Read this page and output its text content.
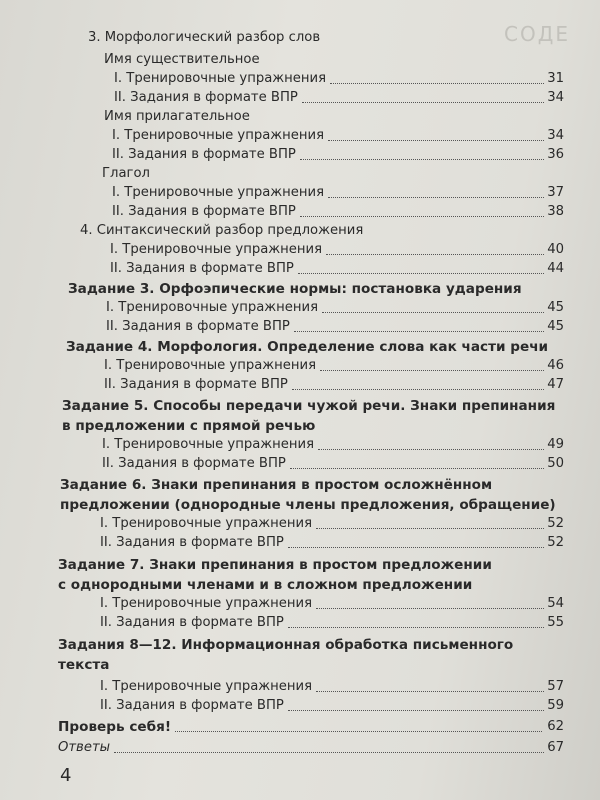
СОДЕ
3. Морфологический разбор слов
Имя существительное
I. Тренировочные упражнения	31
II. Задания в формате ВПР	34
Имя прилагательное
I. Тренировочные упражнения	34
II. Задания в формате ВПР	36
Глагол
I. Тренировочные упражнения	37
II. Задания в формате ВПР	38
4. Синтаксический разбор предложения
I. Тренировочные упражнения	40
II. Задания в формате ВПР	44
Задание 3. Орфоэпические нормы: постановка ударения
I. Тренировочные упражнения	45
II. Задания в формате ВПР	45
Задание 4. Морфология. Определение слова как части речи
I. Тренировочные упражнения	46
II. Задания в формате ВПР	47
Задание 5. Способы передачи чужой речи. Знаки препинания
в предложении с прямой речью
I. Тренировочные упражнения	49
II. Задания в формате ВПР	50
Задание 6. Знаки препинания в простом осложнённом
предложении (однородные члены предложения, обращение)
I. Тренировочные упражнения	52
II. Задания в формате ВПР	52
Задание 7. Знаки препинания в простом предложении
с однородными членами и в сложном предложении
I. Тренировочные упражнения	54
II. Задания в формате ВПР	55
Задания 8—12. Информационная обработка письменного
текста
I. Тренировочные упражнения	57
II. Задания в формате ВПР	59
Проверь себя!	62
Ответы	67
4
